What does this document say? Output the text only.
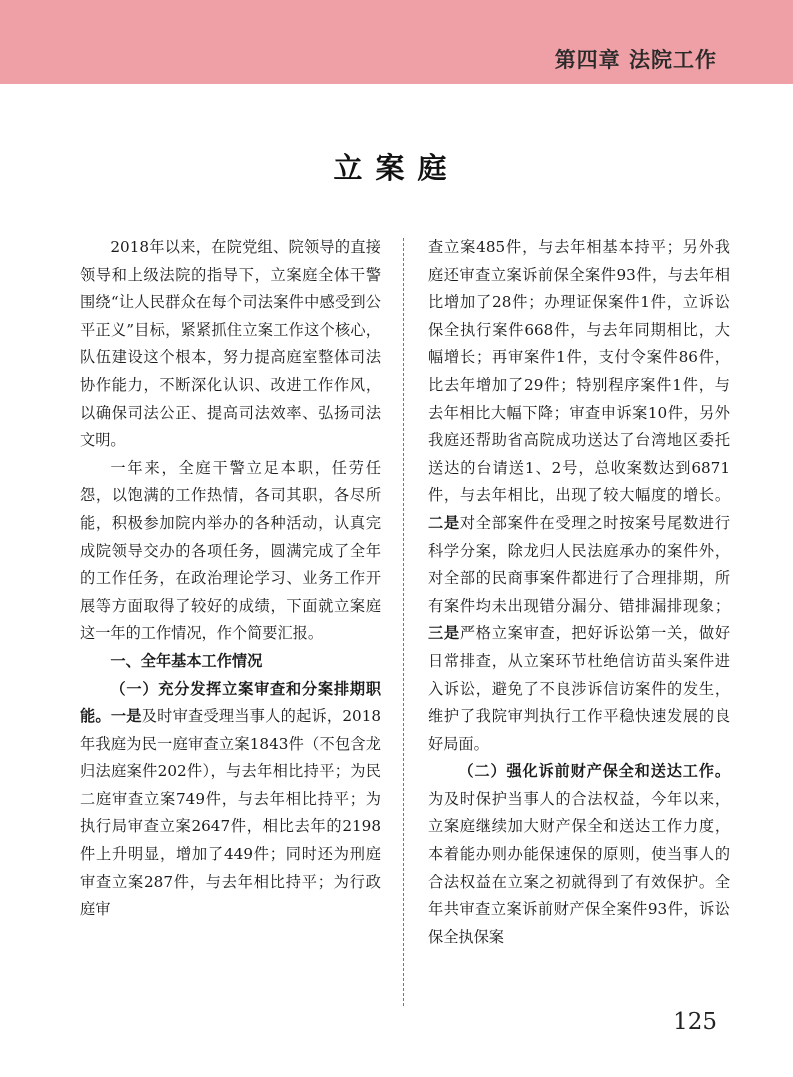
第四章 法院工作
立案庭

2018年以来，在院党组、院领导的直接领导和上级法院的指导下，立案庭全体干警围绕“让人民群众在每个司法案件中感受到公平正义”目标，紧紧抓住立案工作这个核心，队伍建设这个根本，努力提高庭室整体司法协作能力，不断深化认识、改进工作作风，以确保司法公正、提高司法效率、弘扬司法文明。

一年来，全庭干警立足本职，任劳任怨，以饱满的工作热情，各司其职，各尽所能，积极参加院内举办的各种活动，认真完成院领导交办的各项任务，圆满完成了全年的工作任务，在政治理论学习、业务工作开展等方面取得了较好的成绩，下面就立案庭这一年的工作情况，作个简要汇报。

一、全年基本工作情况

（一）充分发挥立案审查和分案排期职能。一是及时审查受理当事人的起诉，2018年我庭为民一庭审查立案1843件（不包含龙归法庭案件202件），与去年相比持平；为民二庭审查立案749件，与去年相比持平；为执行局审查立案2647件，相比去年的2198件上升明显，增加了449件；同时还为刑庭审查立案287件，与去年相比持平；为行政庭审

查立案485件，与去年相基本持平；另外我庭还审查立案诉前保全案件93件，与去年相比增加了28件；办理证保案件1件，立诉讼保全执行案件668件，与去年同期相比，大幅增长；再审案件1件，支付令案件86件，比去年增加了29件；特别程序案件1件，与去年相比大幅下降；审查申诉案10件，另外我庭还帮助省高院成功送达了台湾地区委托送达的台请送1、2号，总收案数达到6871件，与去年相比，出现了较大幅度的增长。二是对全部案件在受理之时按案号尾数进行科学分案，除龙归人民法庭承办的案件外，对全部的民商事案件都进行了合理排期，所有案件均未出现错分漏分、错排漏排现象；三是严格立案审查，把好诉讼第一关，做好日常排查，从立案环节杜绝信访苗头案件进入诉讼，避免了不良涉诉信访案件的发生，维护了我院审判执行工作平稳快速发展的良好局面。

（二）强化诉前财产保全和送达工作。为及时保护当事人的合法权益，今年以来，立案庭继续加大财产保全和送达工作力度，本着能办则办能保速保的原则，使当事人的合法权益在立案之初就得到了有效保护。全年共审查立案诉前财产保全案件93件，诉讼保全执保案

125
